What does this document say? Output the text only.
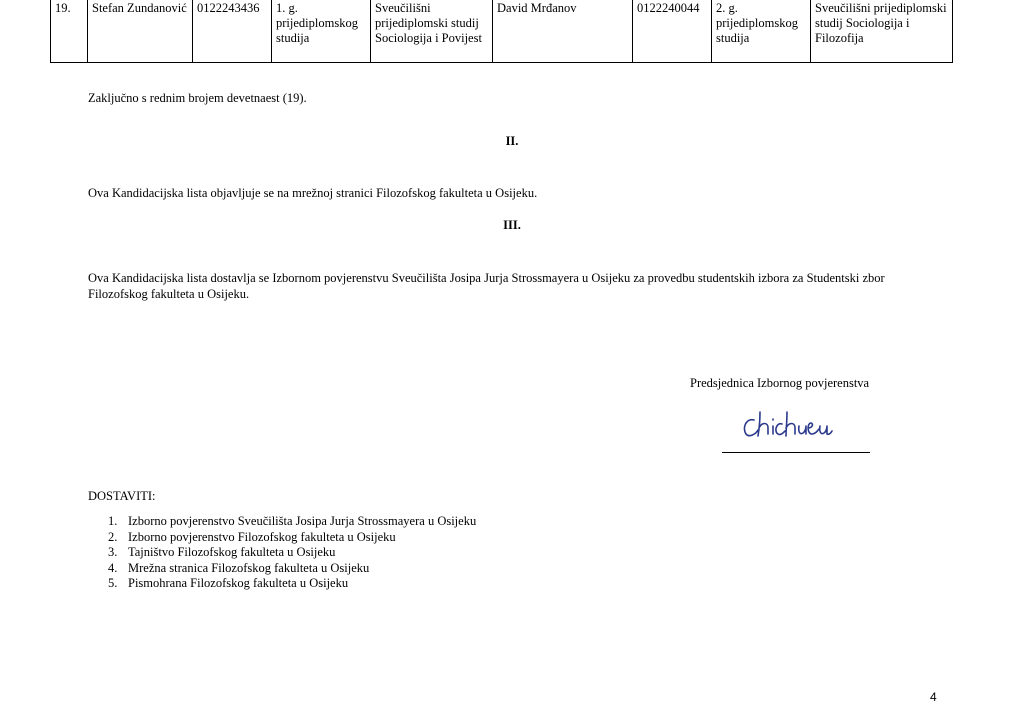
19.	Stefan Zundanović	0122243436	1. g. prijediplomskog studija	Sveučilišni prijediplomski studij Sociologija i Povijest	David Mrđanov	0122240044	2. g. prijediplomskog studija	Sveučilišni prijediplomski studij Sociologija i Filozofija
Zaključno s rednim brojem devetnaest (19).
II.
Ova Kandidacijska lista objavljuje se na mrežnoj stranici Filozofskog fakulteta u Osijeku.
III.
Ova Kandidacijska lista dostavlja se Izbornom povjerenstvu Sveučilišta Josipa Jurja Strossmayera u Osijeku za provedbu studentskih izbora za Studentski zbor
Filozofskog fakulteta u Osijeku.
Predsjednica Izbornog povjerenstva
DOSTAVITI:
1. Izborno povjerenstvo Sveučilišta Josipa Jurja Strossmayera u Osijeku
2. Izborno povjerenstvo Filozofskog fakulteta u Osijeku
3. Tajništvo Filozofskog fakulteta u Osijeku
4. Mrežna stranica Filozofskog fakulteta u Osijeku
5. Pismohrana Filozofskog fakulteta u Osijeku
4
